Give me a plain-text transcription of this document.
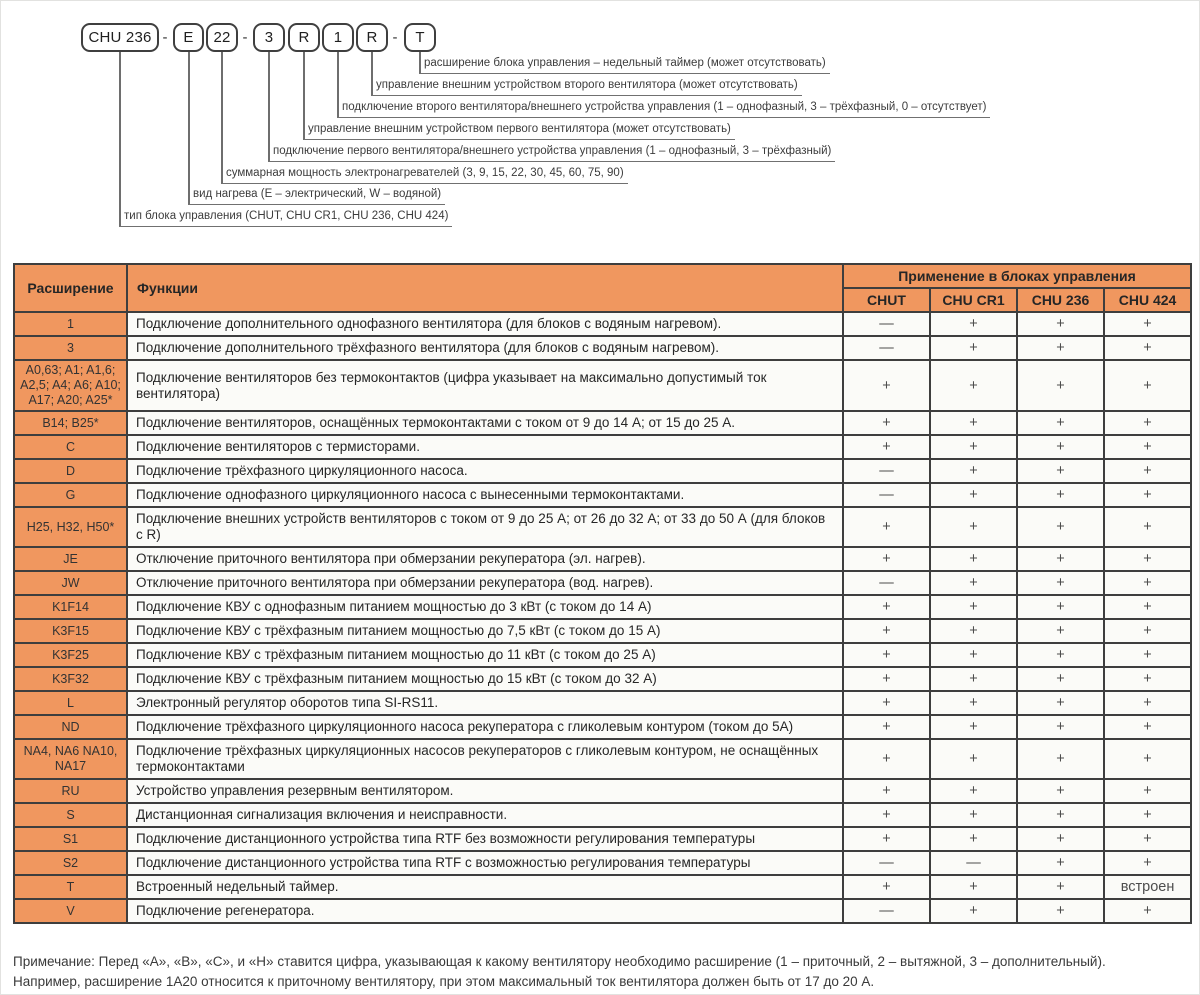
CHU 236 -	E	22 -	3	R	1	R -	T
расширение блока управления – недельный таймер (может отсутствовать)
управление внешним устройством второго вентилятора (может отсутствовать)
подключение второго вентилятора/внешнего устройства управления (1 – однофазный, 3 – трёхфазный, 0 – отсутствует)
управление внешним устройством первого вентилятора (может отсутствовать)
подключение первого вентилятора/внешнего устройства управления (1 – однофазный, 3 – трёхфазный)
суммарная мощность электронагревателей (3, 9, 15, 22, 30, 45, 60, 75, 90)
вид нагрева (Е – электрический, W – водяной)
тип блока управления (CHUT, CHU CR1, CHU 236, CHU 424)
Расширение	Функции	Применение в блоках управления			
		CHUT	CHU CR1	CHU 236	CHU 424
1	Подключение дополнительного однофазного вентилятора (для блоков с водяным нагревом).	—	+	+	+
3	Подключение дополнительного трёхфазного вентилятора (для блоков с водяным нагревом).	—	+	+	+
A0,63; A1; A1,6; A2,5; A4; A6; A10; A17; A20; A25*	Подключение вентиляторов без термоконтактов (цифра указывает на максимально допустимый ток вентилятора)	+	+	+	+
B14; B25*	Подключение вентиляторов, оснащённых термоконтактами с током от 9 до 14 А; от 15 до 25 А.	+	+	+	+
C	Подключение вентиляторов с термисторами.	+	+	+	+
D	Подключение трёхфазного циркуляционного насоса.	—	+	+	+
G	Подключение однофазного циркуляционного насоса с вынесенными термоконтактами.	—	+	+	+
H25, H32, H50*	Подключение внешних устройств вентиляторов с током от 9 до 25 А; от 26 до 32 А; от 33 до 50 А (для блоков с R)	+	+	+	+
JE	Отключение приточного вентилятора при обмерзании рекуператора (эл. нагрев).	+	+	+	+
JW	Отключение приточного вентилятора при обмерзании рекуператора (вод. нагрев).	—	+	+	+
K1F14	Подключение КВУ с однофазным питанием мощностью до 3 кВт (с током до 14 А)	+	+	+	+
K3F15	Подключение КВУ с трёхфазным питанием мощностью до 7,5 кВт (с током до 15 А)	+	+	+	+
K3F25	Подключение КВУ с трёхфазным питанием мощностью до 11 кВт (с током до 25 А)	+	+	+	+
K3F32	Подключение КВУ с трёхфазным питанием мощностью до 15 кВт (с током до 32 А)	+	+	+	+
L	Электронный регулятор оборотов типа SI-RS11.	+	+	+	+
ND	Подключение трёхфазного циркуляционного насоса рекуператора с гликолевым контуром (током до 5А)	+	+	+	+
NA4, NA6 NA10, NA17	Подключение трёхфазных циркуляционных насосов рекуператоров с гликолевым контуром, не оснащённых термоконтактами	+	+	+	+
RU	Устройство управления резервным вентилятором.	+	+	+	+
S	Дистанционная сигнализация включения и неисправности.	+	+	+	+
S1	Подключение дистанционного устройства типа RTF без возможности регулирования температуры	+	+	+	+
S2	Подключение дистанционного устройства типа RTF с возможностью регулирования температуры	—	—	+	+
T	Встроенный недельный таймер.	+	+	+	встроен
V	Подключение регенератора.	—	+	+	+
Примечание: Перед «А», «В», «С», и «Н» ставится цифра, указывающая к какому вентилятору необходимо расширение (1 – приточный, 2 – вытяжной, 3 – дополнительный).
Например, расширение 1А20 относится к приточному вентилятору, при этом максимальный ток вентилятора должен быть от 17 до 20 А.
